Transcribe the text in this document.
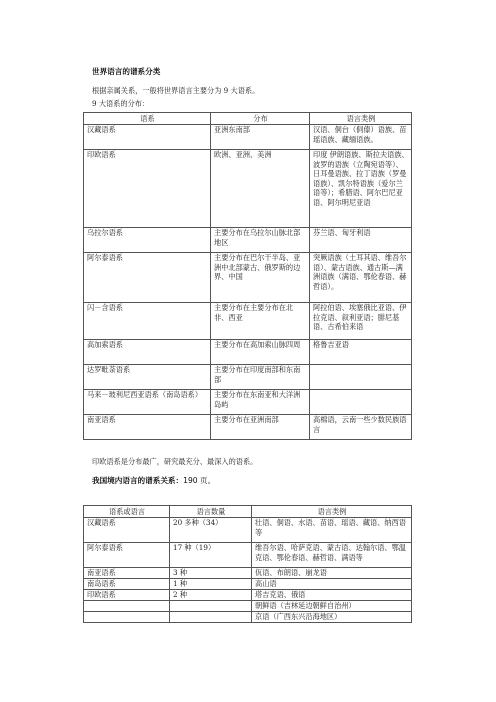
世界语言的谱系分类
根据亲属关系，一般将世界语言主要分为 9 大语系。
9 大语系的分布：
语系	分布	语言类例
汉藏语系	亚洲东南部	汉语、侗台（侗傣）语族、苗瑶语族、藏缅语族。
印欧语系	欧洲、亚洲、美洲	印度 伊朗语族、斯拉夫语族、波罗的语族（立陶宛语等）、日耳曼语族、拉丁语族（罗曼语族）、凯尔特语族（爱尔兰语等）；希腊语、阿尔巴尼亚语、阿尔明尼亚语
乌拉尔语系	主要分布在乌拉尔山脉北部地区	芬兰语、匈牙利语
阿尔泰语系	主要分布在巴尔干半岛、亚洲中北部蒙古、俄罗斯的边界、中国	突厥语族（土耳其语、维吾尔语）、蒙古语族、通古斯—满洲语族（满语、鄂伦春语、赫哲语）。
闪－含语系	主要分布在主要分布在北非、西亚	阿拉伯语、埃塞俄比亚语、伊拉克语、叙利亚语；腓尼基语、古希伯来语
高加索语系	主要分布在高加索山脉四周	格鲁吉亚语
达罗毗荼语系	主要分布在印度南部和东南部	
马来－玻利尼西亚语系（南岛语系）	主要分布在东南亚和大洋洲岛屿	
南亚语系	主要分布在亚洲南部	高棉语，云南一些少数民族语言
印欧语系是分布最广，研究最充分、最深入的语系。
我国境内语言的谱系关系：190 页。
语系或语言	语言数量	语言类例
汉藏语系	20 多种（34）	壮语、侗语、水语、苗语、瑶语、藏语、纳西语等
阿尔泰语系	17 种（19）	维吾尔语、哈萨克语、蒙古语、达翰尔语、鄂温克语、鄂伦春语、赫哲语、满语等
南亚语系	3 种	佤语、布朗语、崩龙语
南岛语系	1 种	高山语
印欧语系	2 种	塔吉克语、俄语
		朝鲜语（吉林延边朝鲜自治州）
		京语（广西东兴沿海地区）
